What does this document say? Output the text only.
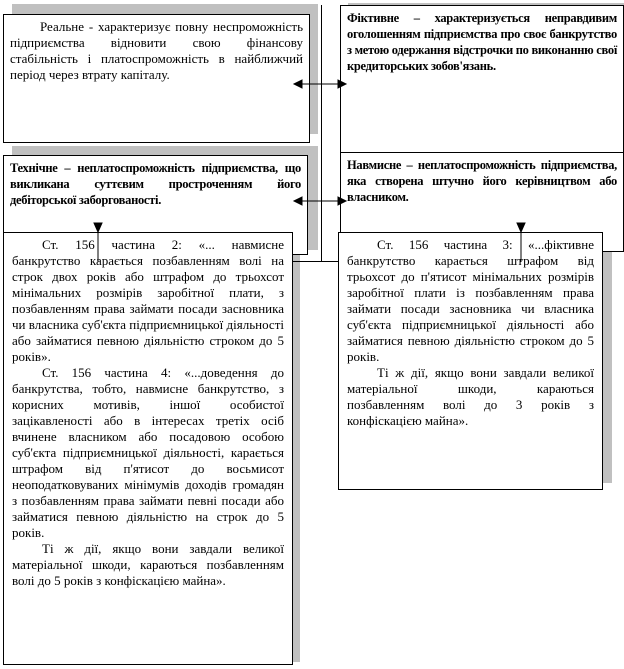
Реальне - характеризує повну неспроможність підприємства відновити свою фінансову стабільність і платоспроможність в найближчий період через втрату капіталу.

Фіктивне – характеризується неправдивим оголошенням підприємства про своє банкрутство з метою одержання відстрочки по виконанню свої кредиторських зобов'язань.
Навмисне – неплатоспроможність підприємства, яка створена штучно його керівництвом або власником.
Технічне – неплатоспроможність підприємства, що викликана суттєвим простроченням його дебіторської заборгованості.

Ст. 156 частина 2: «... навмисне банкрутство карається позбавленням волі на строк двох років або штрафом до трьохсот мінімальних розмірів заробітної плати, з позбавленням права займати посади засновника чи власника суб'єкта підприємницької діяльності або займатися певною діяльністю строком до 5 років».

Ст. 156 частина 4: «...доведення до банкрутства, тобто, навмисне банкрутство, з корисних мотивів, іншої особистої зацікавленості або в інтересах третіх осіб вчинене власником або посадовою особою суб'єкта підприємницької діяльності, карається штрафом від п'ятисот до восьмисот неоподатковуваних мінімумів доходів громадян з позбавленням права займати певні посади або займатися певною діяльністю на строк до 5 років.

Ті ж дії, якщо вони завдали великої матеріальної шкоди, караються позбавленням волі до 5 років з конфіскацією майна».

Ст. 156 частина 3: «...фіктивне банкрутство карається штрафом від трьохсот до п'ятисот мінімальних розмірів заробітної плати із позбавленням права займати посади засновника чи власника суб'єкта підприємницької діяльності або займатися певною діяльністю строком до 5 років.

Ті ж дії, якщо вони завдали великої матеріальної шкоди, караються позбавленням волі до 3 років з конфіскацією майна».
